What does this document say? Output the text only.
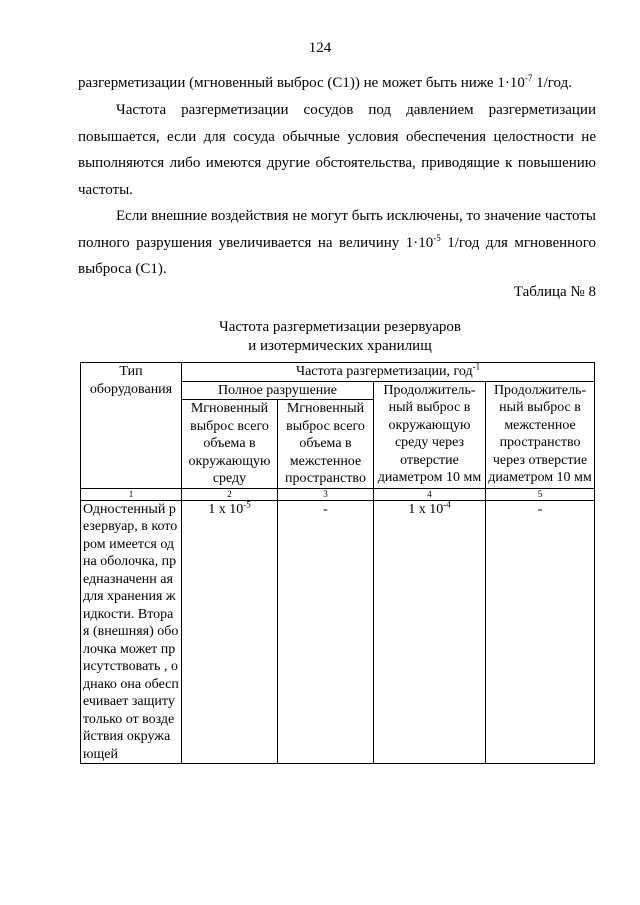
124

разгерметизации (мгновенный выброс (С1)) не может быть ниже $1\cdot 10^{-7}$ 1/год.

Частота разгерметизации сосудов под давлением разгерметизации повышается, если для сосуда обычные условия обеспечения целостности не выполняются либо имеются другие обстоятельства, приводящие к повышению частоты.

Если внешние воздействия не могут быть исключены, то значение частоты полного разрушения увеличивается на величину $1\cdot 10^{-5}$ 1/год для мгновенного выброса (С1).

Таблица № 8
Частота разгерметизации резервуаров
и изотермических хранилищ
Тип оборудования	Частота разгерметизации, год$^{-1}$
	Полное разрушение		Продолжитель-ный выброс в окружающую среду через отверстие диаметром 10 мм	Продолжитель-ный выброс в межстенное пространство через отверстие диаметром 10 мм
	Мгновенный выброс всего объема в окружающую среду	Мгновенный выброс всего объема в межстенное пространство		
1	2	3	4	5

Одностенный резервуар, в котором имеется одна оболочка, предназначенн ая для хранения жидкости. Вторая (внешняя) оболочка может присутствовать , однако она обеспечивает защиту только от воздействия окружающей	1 x $10^{-5}$	-	1 x $10^{-4}$	-
